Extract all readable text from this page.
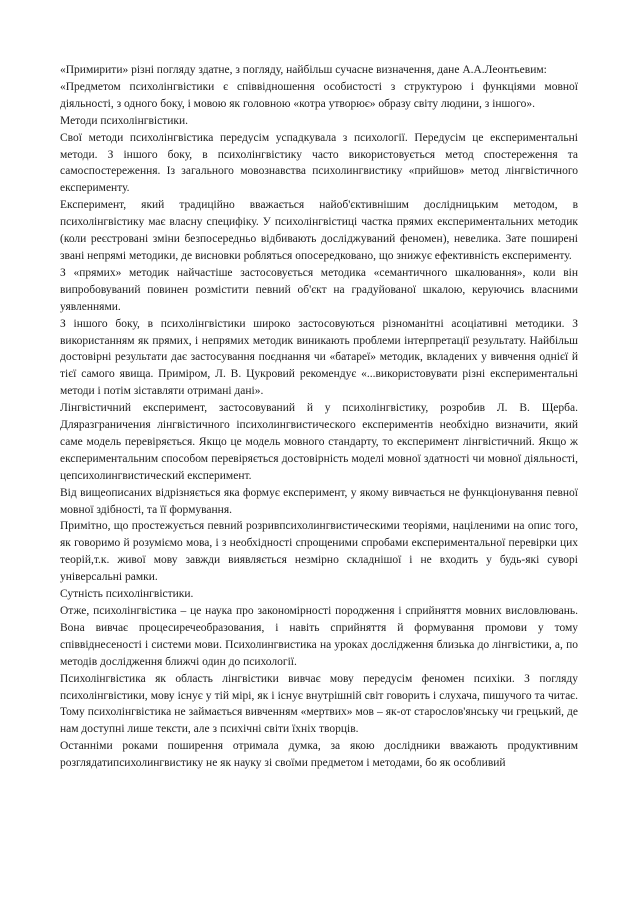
«Примирити» різні погляду здатне, з погляду, найбільш сучасне визначення, дане А.А.Леонтьевим:

«Предметом психолінгвістики є співвідношення особистості з структурою і функціями мовної діяльності, з одного боку, і мовою як головною «котра утворює» образу світу людини, з іншого».

Методи психолінгвістики.

Свої методи психолінгвістика передусім успадкувала з психології. Передусім це експериментальні методи. З іншого боку, в психолінгвістику часто використовується метод спостереження та самоспостереження. Із загального мовознавства психолингвистику «прийшов» метод лінгвістичного експерименту.

Експеримент, який традиційно вважається найоб'єктивнішим дослідницьким методом, в психолінгвістику має власну специфіку. У психолінгвістиці частка прямих експериментальних методик (коли реєстровані зміни безпосередньо відбивають досліджуваний феномен), невелика. Зате поширені звані непрямі методики, де висновки робляться опосередковано, що знижує ефективність експерименту.

З «прямих» методик найчастіше застосовується методика «семантичного шкалювання», коли він випробовуваний повинен розмістити певний об'єкт на градуйованої шкалою, керуючись власними уявленнями.

З іншого боку, в психолінгвістики широко застосовуються різноманітні асоціативні методики. З використанням як прямих, і непрямих методик виникають проблеми інтерпретації результату. Найбільш достовірні результати дає застосування поєднання чи «батареї» методик, вкладених у вивчення однієї й тієї самого явища. Приміром, Л. В. Цукровий рекомендує «...використовувати різні експериментальні методи і потім зіставляти отримані дані».

Лінгвістичний експеримент, застосовуваний й у психолінгвістику, розробив Л. В. Щерба. Дляразграничения лінгвістичного іпсихолингвистического експериментів необхідно визначити, який саме модель перевіряється. Якщо це модель мовного стандарту, то експеримент лінгвістичний. Якщо ж експериментальним способом перевіряється достовірність моделі мовної здатності чи мовної діяльності, цепсихолингвистический експеримент.

Від вищеописаних відрізняється яка формує експеримент, у якому вивчається не функціонування певної мовної здібності, та її формування.

Примітно, що простежується певний розривпсихолингвистическими теоріями, націленими на опис того, як говоримо й розуміємо мова, і з необхідності спрощеними спробами експериментальної перевірки цих теорій,т.к. живої мову завжди виявляється незмірно складнішої і не входить у будь-які суворі універсальні рамки.

Сутність психолінгвістики.

Отже, психолінгвістика – це наука про закономірності породження і сприйняття мовних висловлювань. Вона вивчає процесиречеобразования, і навіть сприйняття й формування промови у тому співвіднесеності і системи мови. Психолингвистика на уроках дослідження близька до лінгвістики, а, по методів дослідження ближчі один до психології.

Психолінгвістика як область лінгвістики вивчає мову передусім феномен психіки. З погляду психолінгвістики, мову існує у тій мірі, як і існує внутрішній світ говорить і слухача, пишучого та читає. Тому психолінгвістика не займається вивченням «мертвих» мов – як-от старослов'янську чи грецький, де нам доступні лише тексти, але з психічні світи їхніх творців.

Останніми роками поширення отримала думка, за якою дослідники вважають продуктивним розглядатипсихолингвистику не як науку зі своїми предметом і методами, бо як особливий
